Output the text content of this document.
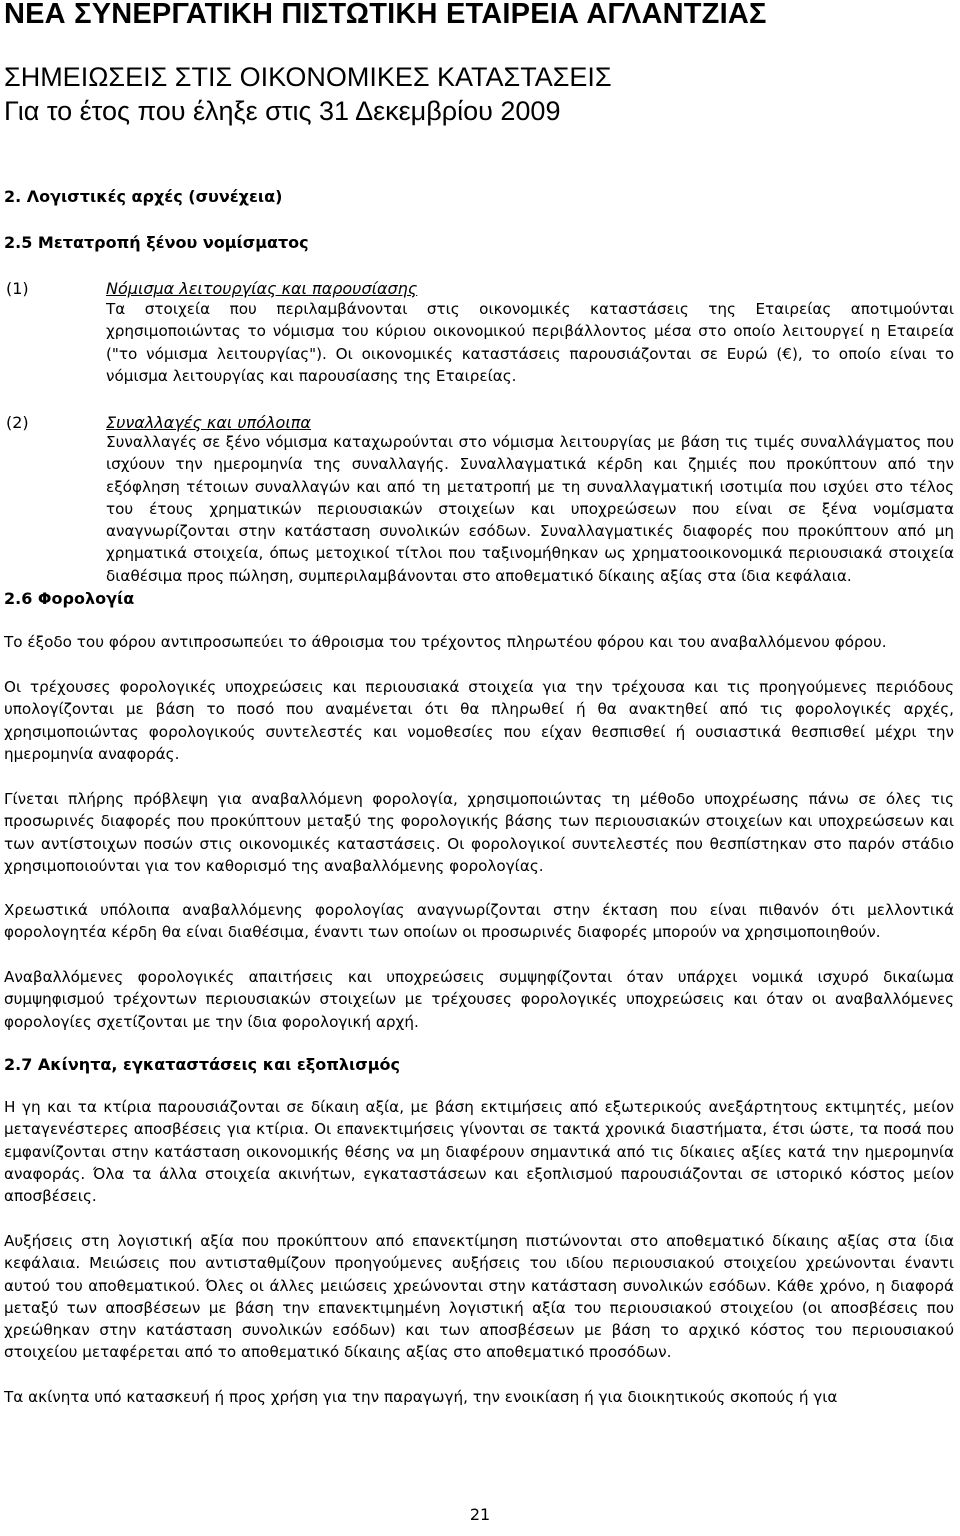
ΝΕΑ ΣΥΝΕΡΓΑΤΙΚΗ ΠΙΣΤΩΤΙΚΗ ΕΤΑΙΡΕΙΑ ΑΓΛΑΝΤΖΙΑΣ
ΣΗΜΕΙΩΣΕΙΣ ΣΤΙΣ ΟΙΚΟΝΟΜΙΚΕΣ ΚΑΤΑΣΤΑΣΕΙΣ
Για το έτος που έληξε στις 31 Δεκεμβρίου 2009
2. Λογιστικές αρχές (συνέχεια)
2.5 Μετατροπή ξένου νομίσματος
(1)	Νόμισμα λειτουργίας και παρουσίασης
Τα στοιχεία που περιλαμβάνονται στις οικονομικές καταστάσεις της Εταιρείας αποτιμούνται χρησιμοποιώντας το νόμισμα του κύριου οικονομικού περιβάλλοντος μέσα στο οποίο λειτουργεί η Εταιρεία ("το νόμισμα λειτουργίας"). Οι οικονομικές καταστάσεις παρουσιάζονται σε Ευρώ (€), το οποίο είναι το νόμισμα λειτουργίας και παρουσίασης της Εταιρείας.
(2)	Συναλλαγές και υπόλοιπα
Συναλλαγές σε ξένο νόμισμα καταχωρούνται στο νόμισμα λειτουργίας με βάση τις τιμές συναλλάγματος που ισχύουν την ημερομηνία της συναλλαγής. Συναλλαγματικά κέρδη και ζημιές που προκύπτουν από την εξόφληση τέτοιων συναλλαγών και από τη μετατροπή με τη συναλλαγματική ισοτιμία που ισχύει στο τέλος του έτους χρηματικών περιουσιακών στοιχείων και υποχρεώσεων που είναι σε ξένα νομίσματα αναγνωρίζονται στην κατάσταση συνολικών εσόδων. Συναλλαγματικές διαφορές που προκύπτουν από μη χρηματικά στοιχεία, όπως μετοχικοί τίτλοι που ταξινομήθηκαν ως χρηματοοικονομικά περιουσιακά στοιχεία διαθέσιμα προς πώληση, συμπεριλαμβάνονται στο αποθεματικό δίκαιης αξίας στα ίδια κεφάλαια.
2.6 Φορολογία
Το έξοδο του φόρου αντιπροσωπεύει το άθροισμα του τρέχοντος πληρωτέου φόρου και του αναβαλλόμενου φόρου.
Οι τρέχουσες φορολογικές υποχρεώσεις και περιουσιακά στοιχεία για την τρέχουσα και τις προηγούμενες περιόδους υπολογίζονται με βάση το ποσό που αναμένεται ότι θα πληρωθεί ή θα ανακτηθεί από τις φορολογικές αρχές, χρησιμοποιώντας φορολογικούς συντελεστές και νομοθεσίες που είχαν θεσπισθεί ή ουσιαστικά θεσπισθεί μέχρι την ημερομηνία αναφοράς.
Γίνεται πλήρης πρόβλεψη για αναβαλλόμενη φορολογία, χρησιμοποιώντας τη μέθοδο υποχρέωσης πάνω σε όλες τις προσωρινές διαφορές που προκύπτουν μεταξύ της φορολογικής βάσης των περιουσιακών στοιχείων και υποχρεώσεων και των αντίστοιχων ποσών στις οικονομικές καταστάσεις. Οι φορολογικοί συντελεστές που θεσπίστηκαν στο παρόν στάδιο χρησιμοποιούνται για τον καθορισμό της αναβαλλόμενης φορολογίας.
Χρεωστικά υπόλοιπα αναβαλλόμενης φορολογίας αναγνωρίζονται στην έκταση που είναι πιθανόν ότι μελλοντικά φορολογητέα κέρδη θα είναι διαθέσιμα, έναντι των οποίων οι προσωρινές διαφορές μπορούν να χρησιμοποιηθούν.
Αναβαλλόμενες φορολογικές απαιτήσεις και υποχρεώσεις συμψηφίζονται όταν υπάρχει νομικά ισχυρό δικαίωμα συμψηφισμού τρέχοντων περιουσιακών στοιχείων με τρέχουσες φορολογικές υποχρεώσεις και όταν οι αναβαλλόμενες φορολογίες σχετίζονται με την ίδια φορολογική αρχή.
2.7 Ακίνητα, εγκαταστάσεις και εξοπλισμός
Η γη και τα κτίρια παρουσιάζονται σε δίκαιη αξία, με βάση εκτιμήσεις από εξωτερικούς ανεξάρτητους εκτιμητές, μείον μεταγενέστερες αποσβέσεις για κτίρια. Οι επανεκτιμήσεις γίνονται σε τακτά χρονικά διαστήματα, έτσι ώστε, τα ποσά που εμφανίζονται στην κατάσταση οικονομικής θέσης να μη διαφέρουν σημαντικά από τις δίκαιες αξίες κατά την ημερομηνία αναφοράς. Όλα τα άλλα στοιχεία ακινήτων, εγκαταστάσεων και εξοπλισμού παρουσιάζονται σε ιστορικό κόστος μείον αποσβέσεις.
Αυξήσεις στη λογιστική αξία που προκύπτουν από επανεκτίμηση πιστώνονται στο αποθεματικό δίκαιης αξίας στα ίδια κεφάλαια. Μειώσεις που αντισταθμίζουν προηγούμενες αυξήσεις του ιδίου περιουσιακού στοιχείου χρεώνονται έναντι αυτού του αποθεματικού. Όλες οι άλλες μειώσεις χρεώνονται στην κατάσταση συνολικών εσόδων. Κάθε χρόνο, η διαφορά μεταξύ των αποσβέσεων με βάση την επανεκτιμημένη λογιστική αξία του περιουσιακού στοιχείου (οι αποσβέσεις που χρεώθηκαν στην κατάσταση συνολικών εσόδων) και των αποσβέσεων με βάση το αρχικό κόστος του περιουσιακού στοιχείου μεταφέρεται από το αποθεματικό δίκαιης αξίας στο αποθεματικό προσόδων.
Τα ακίνητα υπό κατασκευή ή προς χρήση για την παραγωγή, την ενοικίαση ή για διοικητικούς σκοπούς ή για
21
